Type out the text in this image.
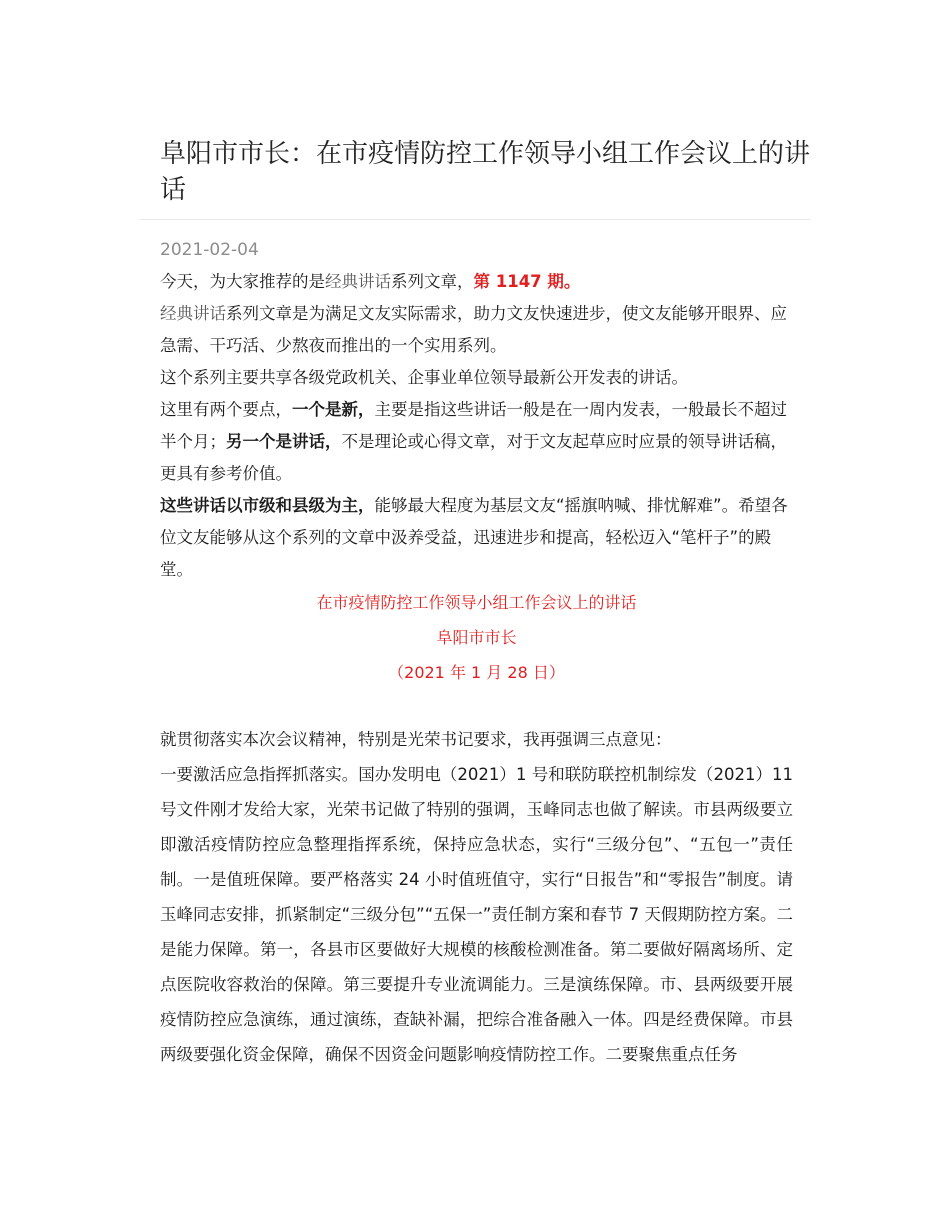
阜阳市市长：在市疫情防控工作领导小组工作会议上的讲话
2021-02-04

今天，为大家推荐的是经典讲话系列文章，第 1147 期。

经典讲话系列文章是为满足文友实际需求，助力文友快速进步，使文友能够开眼界、应急需、干巧活、少熬夜而推出的一个实用系列。

这个系列主要共享各级党政机关、企事业单位领导最新公开发表的讲话。

这里有两个要点，一个是新，主要是指这些讲话一般是在一周内发表，一般最长不超过半个月；另一个是讲话，不是理论或心得文章，对于文友起草应时应景的领导讲话稿，更具有参考价值。

这些讲话以市级和县级为主，能够最大程度为基层文友“摇旗呐喊、排忧解难”。希望各位文友能够从这个系列的文章中汲养受益，迅速进步和提高，轻松迈入“笔杆子”的殿堂。

在市疫情防控工作领导小组工作会议上的讲话

阜阳市市长

（2021 年 1 月 28 日）

就贯彻落实本次会议精神，特别是光荣书记要求，我再强调三点意见：

一要激活应急指挥抓落实。国办发明电（2021）1 号和联防联控机制综发（2021）11 号文件刚才发给大家，光荣书记做了特别的强调，玉峰同志也做了解读。市县两级要立即激活疫情防控应急整理指挥系统，保持应急状态，实行“三级分包”、“五包一”责任制。一是值班保障。要严格落实 24 小时值班值守，实行“日报告”和“零报告”制度。请玉峰同志安排，抓紧制定“三级分包”“五保一”责任制方案和春节 7 天假期防控方案。二是能力保障。第一，各县市区要做好大规模的核酸检测准备。第二要做好隔离场所、定点医院收容救治的保障。第三要提升专业流调能力。三是演练保障。市、县两级要开展疫情防控应急演练，通过演练，查缺补漏，把综合准备融入一体。四是经费保障。市县两级要强化资金保障，确保不因资金问题影响疫情防控工作。二要聚焦重点任务
